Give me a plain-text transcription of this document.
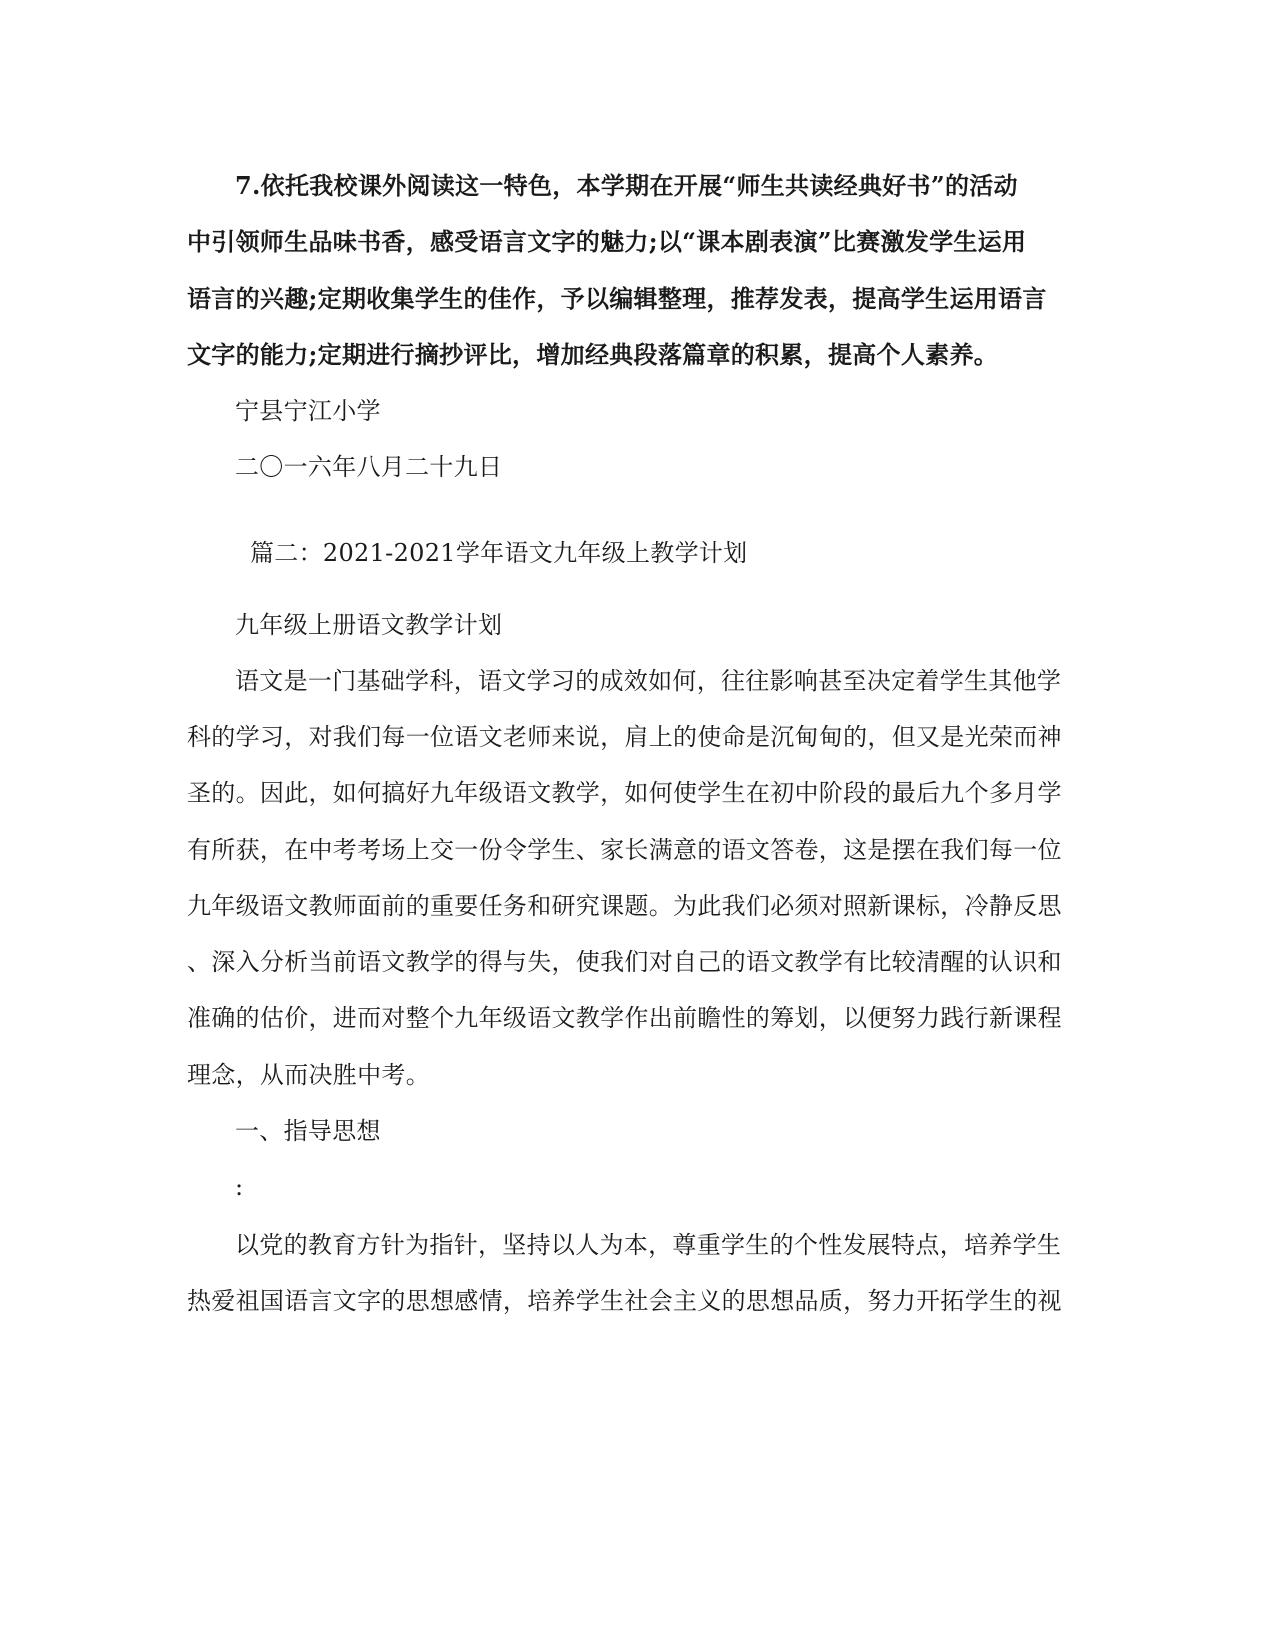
7.依托我校课外阅读这一特色，本学期在开展“师生共读经典好书”的活动
中引领师生品味书香，感受语言文字的魅力;以“课本剧表演”比赛激发学生运用
语言的兴趣;定期收集学生的佳作，予以编辑整理，推荐发表，提高学生运用语言
文字的能力;定期进行摘抄评比，增加经典段落篇章的积累，提高个人素养。
宁县宁江小学
二〇一六年八月二十九日
篇二：2021-2021学年语文九年级上教学计划
九年级上册语文教学计划
语文是一门基础学科，语文学习的成效如何，往往影响甚至决定着学生其他学
科的学习，对我们每一位语文老师来说，肩上的使命是沉甸甸的，但又是光荣而神
圣的。因此，如何搞好九年级语文教学，如何使学生在初中阶段的最后九个多月学
有所获，在中考考场上交一份令学生、家长满意的语文答卷，这是摆在我们每一位
九年级语文教师面前的重要任务和研究课题。为此我们必须对照新课标，冷静反思
、深入分析当前语文教学的得与失，使我们对自己的语文教学有比较清醒的认识和
准确的估价，进而对整个九年级语文教学作出前瞻性的筹划，以便努力践行新课程
理念，从而决胜中考。
一、指导思想
:
以党的教育方针为指针，坚持以人为本，尊重学生的个性发展特点，培养学生
热爱祖国语言文字的思想感情，培养学生社会主义的思想品质，努力开拓学生的视
